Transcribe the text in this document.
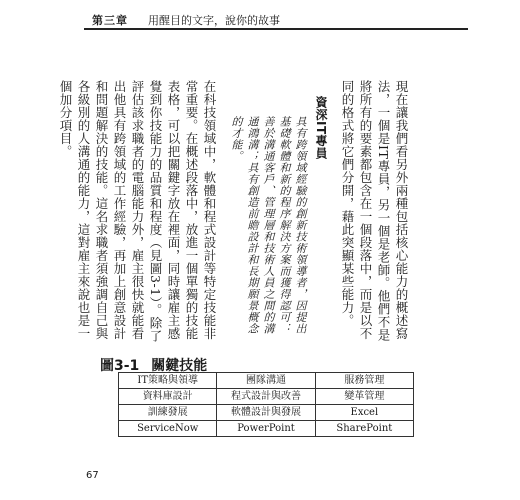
第三章 用醒目的文字，說你的故事

現在讓我們看另外兩種包括核心能力的概述寫法，一個是IT專員，另一個是老師。他們不是將所有的要素都包含在一個段落中，而是以不同的格式將它們分開，藉此突顯某些能力。

資深IT專員
具有跨領域經驗的創新技術領導者，因提出基礎軟體和新的程序解決方案而獲得認可：善於溝通客戶、管理層和技術人員之間的溝通鴻溝；具有創造前瞻設計和長期願景概念的才能。

在科技領域中，軟體和程式設計等特定技能非常重要。在概述段落中，放進一個單獨的技能表格，可以把關鍵字放在裡面，同時讓雇主感覺到你技能力的品質和程度（見圖3-1）。除了評估該求職者的電腦能力外，雇主很快就能看出他具有跨領域的工作經驗，再加上創意設計和問題解決的技能。這名求職者須強調自己與各級別的人溝通的能力，這對雇主來說也是一個加分項目。

圖3-1 關鍵技能
IT策略與領導	團隊溝通	服務管理
資料庫設計	程式設計與改善	變革管理
訓練發展	軟體設計與發展	Excel
ServiceNow	PowerPoint	SharePoint
67
